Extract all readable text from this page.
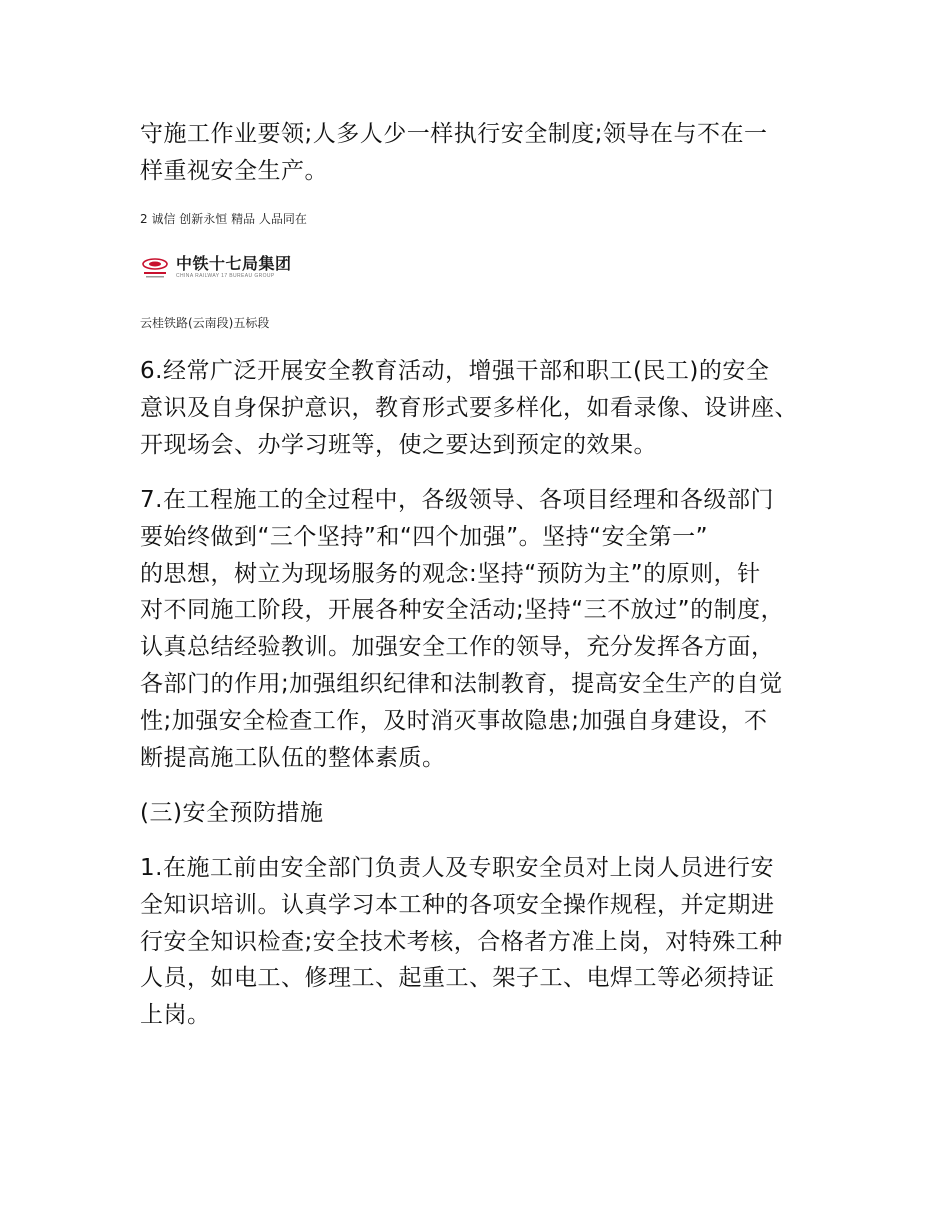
守施工作业要领;人多人少一样执行安全制度;领导在与不在一
样重视安全生产。

2 诚信 创新永恒 精品 人品同在
中铁十七局集团
CHINA RAILWAY 17 BUREAU GROUP
云桂铁路(云南段)五标段

6.经常广泛开展安全教育活动，增强干部和职工(民工)的安全
意识及自身保护意识，教育形式要多样化，如看录像、设讲座、
开现场会、办学习班等，使之要达到预定的效果。

7.在工程施工的全过程中，各级领导、各项目经理和各级部门
要始终做到“三个坚持”和“四个加强”。坚持“安全第一”
的思想，树立为现场服务的观念:坚持“预防为主”的原则，针
对不同施工阶段，开展各种安全活动;坚持“三不放过”的制度，
认真总结经验教训。加强安全工作的领导，充分发挥各方面，
各部门的作用;加强组织纪律和法制教育，提高安全生产的自觉
性;加强安全检查工作，及时消灭事故隐患;加强自身建设，不
断提高施工队伍的整体素质。

(三)安全预防措施

1.在施工前由安全部门负责人及专职安全员对上岗人员进行安
全知识培训。认真学习本工种的各项安全操作规程，并定期进
行安全知识检查;安全技术考核，合格者方准上岗，对特殊工种
人员，如电工、修理工、起重工、架子工、电焊工等必须持证
上岗。
